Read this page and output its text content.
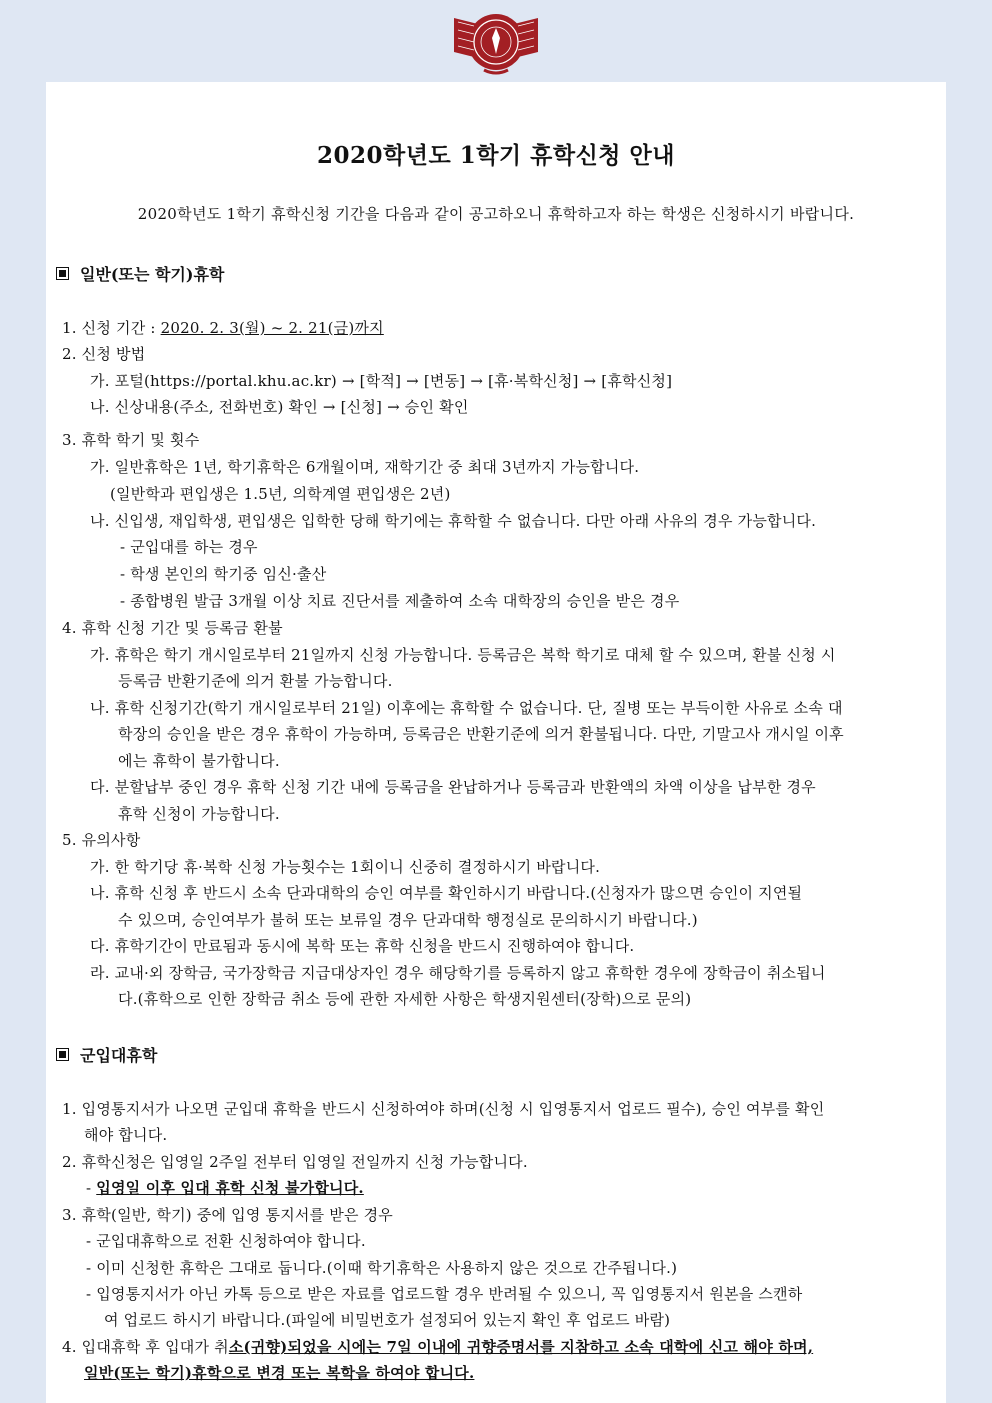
2020학년도 1학기 휴학신청 안내
2020학년도 1학기 휴학신청 기간을 다음과 같이 공고하오니 휴학하고자 하는 학생은 신청하시기 바랍니다.
일반(또는 학기)휴학
1. 신청 기간 : 2020. 2. 3(월) ~ 2. 21(금)까지
2. 신청 방법
가. 포털(https://portal.khu.ac.kr) → [학적] → [변동] → [휴·복학신청] → [휴학신청]
나. 신상내용(주소, 전화번호) 확인 → [신청] → 승인 확인
3. 휴학 학기 및 횟수
가. 일반휴학은 1년, 학기휴학은 6개월이며, 재학기간 중 최대 3년까지 가능합니다.
(일반학과 편입생은 1.5년, 의학계열 편입생은 2년)
나. 신입생, 재입학생, 편입생은 입학한 당해 학기에는 휴학할 수 없습니다. 다만 아래 사유의 경우 가능합니다.
- 군입대를 하는 경우
- 학생 본인의 학기중 임신·출산
- 종합병원 발급 3개월 이상 치료 진단서를 제출하여 소속 대학장의 승인을 받은 경우
4. 휴학 신청 기간 및 등록금 환불
가. 휴학은 학기 개시일로부터 21일까지 신청 가능합니다. 등록금은 복학 학기로 대체 할 수 있으며, 환불 신청 시
등록금 반환기준에 의거 환불 가능합니다.
나. 휴학 신청기간(학기 개시일로부터 21일) 이후에는 휴학할 수 없습니다. 단, 질병 또는 부득이한 사유로 소속 대
학장의 승인을 받은 경우 휴학이 가능하며, 등록금은 반환기준에 의거 환불됩니다. 다만, 기말고사 개시일 이후
에는 휴학이 불가합니다.
다. 분할납부 중인 경우 휴학 신청 기간 내에 등록금을 완납하거나 등록금과 반환액의 차액 이상을 납부한 경우
휴학 신청이 가능합니다.
5. 유의사항
가. 한 학기당 휴·복학 신청 가능횟수는 1회이니 신중히 결정하시기 바랍니다.
나. 휴학 신청 후 반드시 소속 단과대학의 승인 여부를 확인하시기 바랍니다.(신청자가 많으면 승인이 지연될
수 있으며, 승인여부가 불허 또는 보류일 경우 단과대학 행정실로 문의하시기 바랍니다.)
다. 휴학기간이 만료됨과 동시에 복학 또는 휴학 신청을 반드시 진행하여야 합니다.
라. 교내·외 장학금, 국가장학금 지급대상자인 경우 해당학기를 등록하지 않고 휴학한 경우에 장학금이 취소됩니
다.(휴학으로 인한 장학금 취소 등에 관한 자세한 사항은 학생지원센터(장학)으로 문의)
군입대휴학
1. 입영통지서가 나오면 군입대 휴학을 반드시 신청하여야 하며(신청 시 입영통지서 업로드 필수), 승인 여부를 확인
해야 합니다.
2. 휴학신청은 입영일 2주일 전부터 입영일 전일까지 신청 가능합니다.
- 입영일 이후 입대 휴학 신청 불가합니다.
3. 휴학(일반, 학기) 중에 입영 통지서를 받은 경우
- 군입대휴학으로 전환 신청하여야 합니다.
- 이미 신청한 휴학은 그대로 둡니다.(이때 학기휴학은 사용하지 않은 것으로 간주됩니다.)
- 입영통지서가 아닌 카톡 등으로 받은 자료를 업로드할 경우 반려될 수 있으니, 꼭 입영통지서 원본을 스캔하
여 업로드 하시기 바랍니다.(파일에 비밀번호가 설정되어 있는지 확인 후 업로드 바람)
4. 입대휴학 후 입대가 취소(귀향)되었을 시에는 7일 이내에 귀향증명서를 지참하고 소속 대학에 신고 해야 하며,
일반(또는 학기)휴학으로 변경 또는 복학을 하여야 합니다.
